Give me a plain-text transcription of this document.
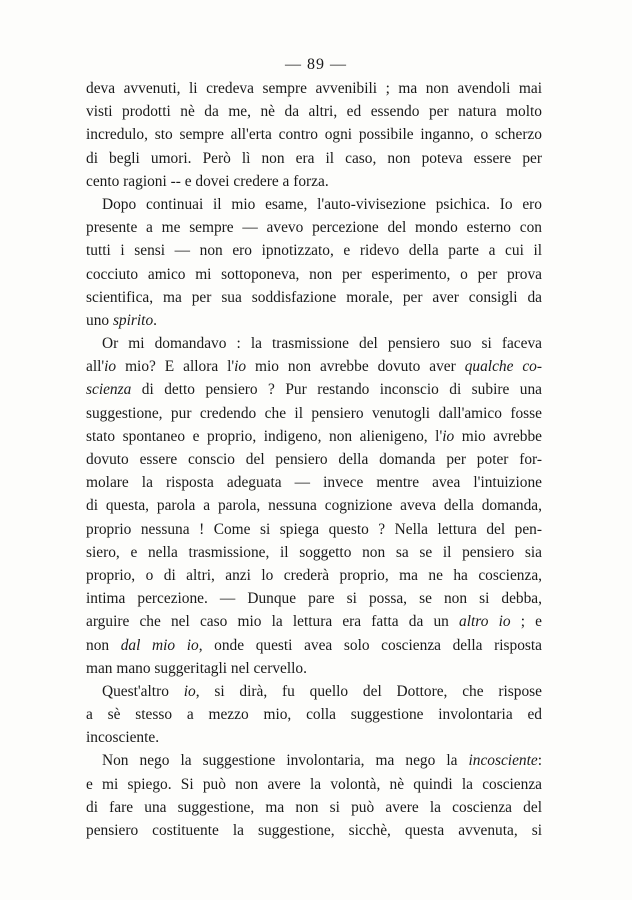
— 89 —
deva avvenuti, li credeva sempre avvenibili ; ma non avendoli mai
visti prodotti nè da me, nè da altri, ed essendo per natura molto
incredulo, sto sempre all'erta contro ogni possibile inganno, o scherzo
di begli umori. Però lì non era il caso, non poteva essere per
cento ragioni -- e dovei credere a forza.
Dopo continuai il mio esame, l'auto-vivisezione psichica. Io ero
presente a me sempre — avevo percezione del mondo esterno con
tutti i sensi — non ero ipnotizzato, e ridevo della parte a cui il
cocciuto amico mi sottoponeva, non per esperimento, o per prova
scientifica, ma per sua soddisfazione morale, per aver consigli da
uno spirito.
Or mi domandavo : la trasmissione del pensiero suo si faceva
all'io mio? E allora l'io mio non avrebbe dovuto aver qualche co-
scienza di detto pensiero ? Pur restando inconscio di subire una
suggestione, pur credendo che il pensiero venutogli dall'amico fosse
stato spontaneo e proprio, indigeno, non alienigeno, l'io mio avrebbe
dovuto essere conscio del pensiero della domanda per poter for-
molare la risposta adeguata — invece mentre avea l'intuizione
di questa, parola a parola, nessuna cognizione aveva della domanda,
proprio nessuna ! Come si spiega questo ? Nella lettura del pen-
siero, e nella trasmissione, il soggetto non sa se il pensiero sia
proprio, o di altri, anzi lo crederà proprio, ma ne ha coscienza,
intima percezione. — Dunque pare si possa, se non si debba,
arguire che nel caso mio la lettura era fatta da un altro io ; e
non dal mio io, onde questi avea solo coscienza della risposta
man mano suggeritagli nel cervello.
Quest'altro io, si dirà, fu quello del Dottore, che rispose
a sè stesso a mezzo mio, colla suggestione involontaria ed
incosciente.
Non nego la suggestione involontaria, ma nego la incosciente:
e mi spiego. Si può non avere la volontà, nè quindi la coscienza
di fare una suggestione, ma non si può avere la coscienza del
pensiero costituente la suggestione, sicchè, questa avvenuta, si
